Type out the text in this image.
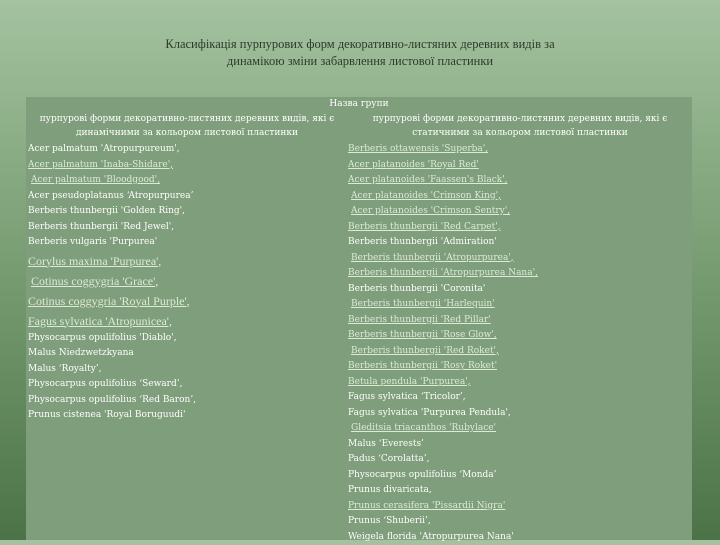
Класифікація пурпурових форм декоративно-листяних деревних видів за
динамікою зміни забарвлення листової пластинки
Назва групи
пурпурові форми декоративно-листяних деревних видів, які є
динамічними за кольором листової пластинки
Acer palmatum 'Atropurpureum',
Acer palmatum 'Inaba-Shidare',
Acer palmatum 'Bloodgood',
Acer pseudoplatanus ‘Atropurpurea’
Berberis thunbergii 'Golden Ring',
Berberis thunbergii 'Red Jewel',
Berberis vulgaris 'Purpurea'
Corylus maxima 'Purpurea',
Cotinus coggygria 'Grace',
Cotinus coggygria 'Royal Purple',
Fagus sylvatica 'Atropunicea',
Physocarpus opulifolius 'Diablo',
Malus Niedzwetzkyana
Malus ‘Royalty’,
Physocarpus opulifolius ‘Seward’,
Physocarpus opulifolius ‘Red Baron’,
Prunus cistenea 'Royal Boruguudi'
пурпурові форми декоративно-листяних деревних видів, які є
статичними за кольором листової пластинки
Berberis ottawensis 'Superba',
Acer platanoides 'Royal Red'
Acer platanoides 'Faassen's Black',
Acer platanoides 'Crimson King',
Acer platanoides 'Crimson Sentry',
Berberis thunbergii 'Red Carpet',
Berberis thunbergii 'Admiration'
Berberis thunbergii 'Atropurpurea',
Berberis thunbergii 'Atropurpurea Nana',
Berberis thunbergii 'Coronita'
Berberis thunbergii 'Harlequin'
Berberis thunbergii 'Red Pillar'
Berberis thunbergii 'Rose Glow',
Berberis thunbergii 'Red Roket',
Berberis thunbergii 'Rosy Roket'
Betula pendula 'Purpurea',
Fagus sylvatica ‘Tricolor’,
Fagus sylvatica 'Purpurea Pendula',
Gleditsia triacanthos 'Rubylace'
Malus ‘Everests’
Padus ‘Corolatta’,
Physocarpus opulifolius ‘Monda’
Prunus divaricata,
Prunus cerasifera 'Pissardii Nigra'
Prunus ‘Shuberii’,
Weigela florida 'Atropurpurea Nana'
